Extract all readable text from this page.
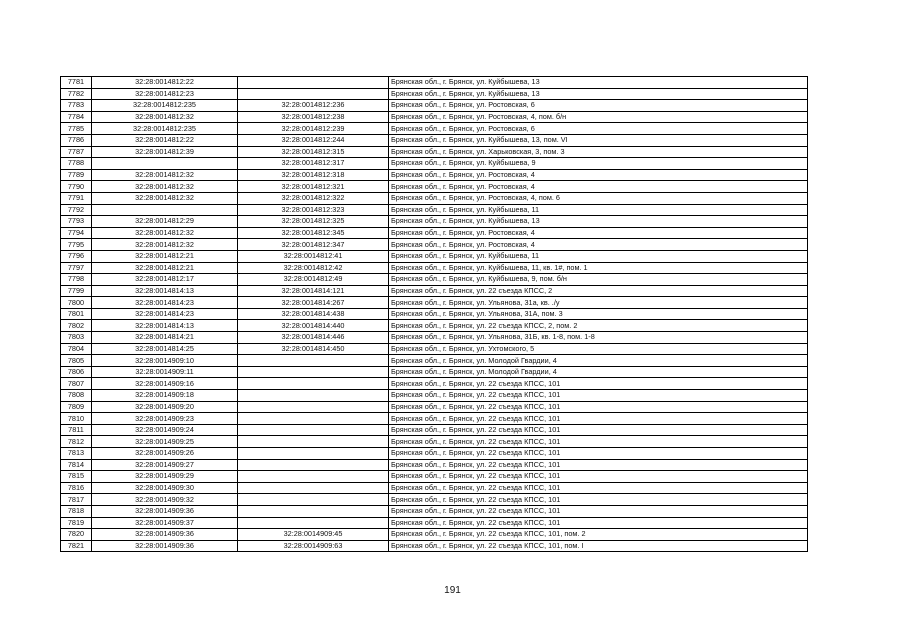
7781	32:28:0014812:22		Брянская обл., г. Брянск, ул. Куйбышева, 13
7782	32:28:0014812:23		Брянская обл., г. Брянск, ул. Куйбышева, 13
7783	32:28:0014812:235	32:28:0014812:236	Брянская обл., г. Брянск, ул. Ростовская, 6
7784	32:28:0014812:32	32:28:0014812:238	Брянская обл., г. Брянск, ул. Ростовская, 4, пом. б/н
7785	32:28:0014812:235	32:28:0014812:239	Брянская обл., г. Брянск, ул. Ростовская, 6
7786	32:28:0014812:22	32:28:0014812:244	Брянская обл., г. Брянск, ул. Куйбышева, 13, пом. VI
7787	32:28:0014812:39	32:28:0014812:315	Брянская обл., г. Брянск, ул. Харьковская, 3, пом. 3
7788		32:28:0014812:317	Брянская обл., г. Брянск, ул. Куйбышева, 9
7789	32:28:0014812:32	32:28:0014812:318	Брянская обл., г. Брянск, ул. Ростовская, 4
7790	32:28:0014812:32	32:28:0014812:321	Брянская обл., г. Брянск, ул. Ростовская, 4
7791	32:28:0014812:32	32:28:0014812:322	Брянская обл., г. Брянск, ул. Ростовская, 4, пом. 6
7792		32:28:0014812:323	Брянская обл., г. Брянск, ул. Куйбышева, 11
7793	32:28:0014812:29	32:28:0014812:325	Брянская обл., г. Брянск, ул. Куйбышева, 13
7794	32:28:0014812:32	32:28:0014812:345	Брянская обл., г. Брянск, ул. Ростовская, 4
7795	32:28:0014812:32	32:28:0014812:347	Брянская обл., г. Брянск, ул. Ростовская, 4
7796	32:28:0014812:21	32:28:0014812:41	Брянская обл., г. Брянск, ул. Куйбышева, 11
7797	32:28:0014812:21	32:28:0014812:42	Брянская обл., г. Брянск, ул. Куйбышева, 11, кв. 1#, пом. 1
7798	32:28:0014812:17	32:28:0014812:49	Брянская обл., г. Брянск, ул. Куйбышева, 9, пом. б/н
7799	32:28:0014814:13	32:28:0014814:121	Брянская обл., г. Брянск, ул. 22 съезда КПСС, 2
7800	32:28:0014814:23	32:28:0014814:267	Брянская обл., г. Брянск, ул. Ульянова, 31а, кв. ./у
7801	32:28:0014814:23	32:28:0014814:438	Брянская обл., г. Брянск, ул. Ульянова, 31А, пом. 3
7802	32:28:0014814:13	32:28:0014814:440	Брянская обл., г. Брянск, ул. 22 съезда КПСС, 2, пом. 2
7803	32:28:0014814:21	32:28:0014814:446	Брянская обл., г. Брянск, ул. Ульянова, 31Б, кв. 1-8, пом. 1-8
7804	32:28:0014814:25	32:28:0014814:450	Брянская обл., г. Брянск, ул. Ухтомского, 5
7805	32:28:0014909:10		Брянская обл., г. Брянск, ул. Молодой Гвардии, 4
7806	32:28:0014909:11		Брянская обл., г. Брянск, ул. Молодой Гвардии, 4
7807	32:28:0014909:16		Брянская обл., г. Брянск, ул. 22 съезда КПСС, 101
7808	32:28:0014909:18		Брянская обл., г. Брянск, ул. 22 съезда КПСС, 101
7809	32:28:0014909:20		Брянская обл., г. Брянск, ул. 22 съезда КПСС, 101
7810	32:28:0014909:23		Брянская обл., г. Брянск, ул. 22 съезда КПСС, 101
7811	32:28:0014909:24		Брянская обл., г. Брянск, ул. 22 съезда КПСС, 101
7812	32:28:0014909:25		Брянская обл., г. Брянск, ул. 22 съезда КПСС, 101
7813	32:28:0014909:26		Брянская обл., г. Брянск, ул. 22 съезда КПСС, 101
7814	32:28:0014909:27		Брянская обл., г. Брянск, ул. 22 съезда КПСС, 101
7815	32:28:0014909:29		Брянская обл., г. Брянск, ул. 22 съезда КПСС, 101
7816	32:28:0014909:30		Брянская обл., г. Брянск, ул. 22 съезда КПСС, 101
7817	32:28:0014909:32		Брянская обл., г. Брянск, ул. 22 съезда КПСС, 101
7818	32:28:0014909:36		Брянская обл., г. Брянск, ул. 22 съезда КПСС, 101
7819	32:28:0014909:37		Брянская обл., г. Брянск, ул. 22 съезда КПСС, 101
7820	32:28:0014909:36	32:28:0014909:45	Брянская обл., г. Брянск, ул. 22 съезда КПСС, 101, пом. 2
7821	32:28:0014909:36	32:28:0014909:63	Брянская обл., г. Брянск, ул. 22 съезда КПСС, 101, пом. I
191
